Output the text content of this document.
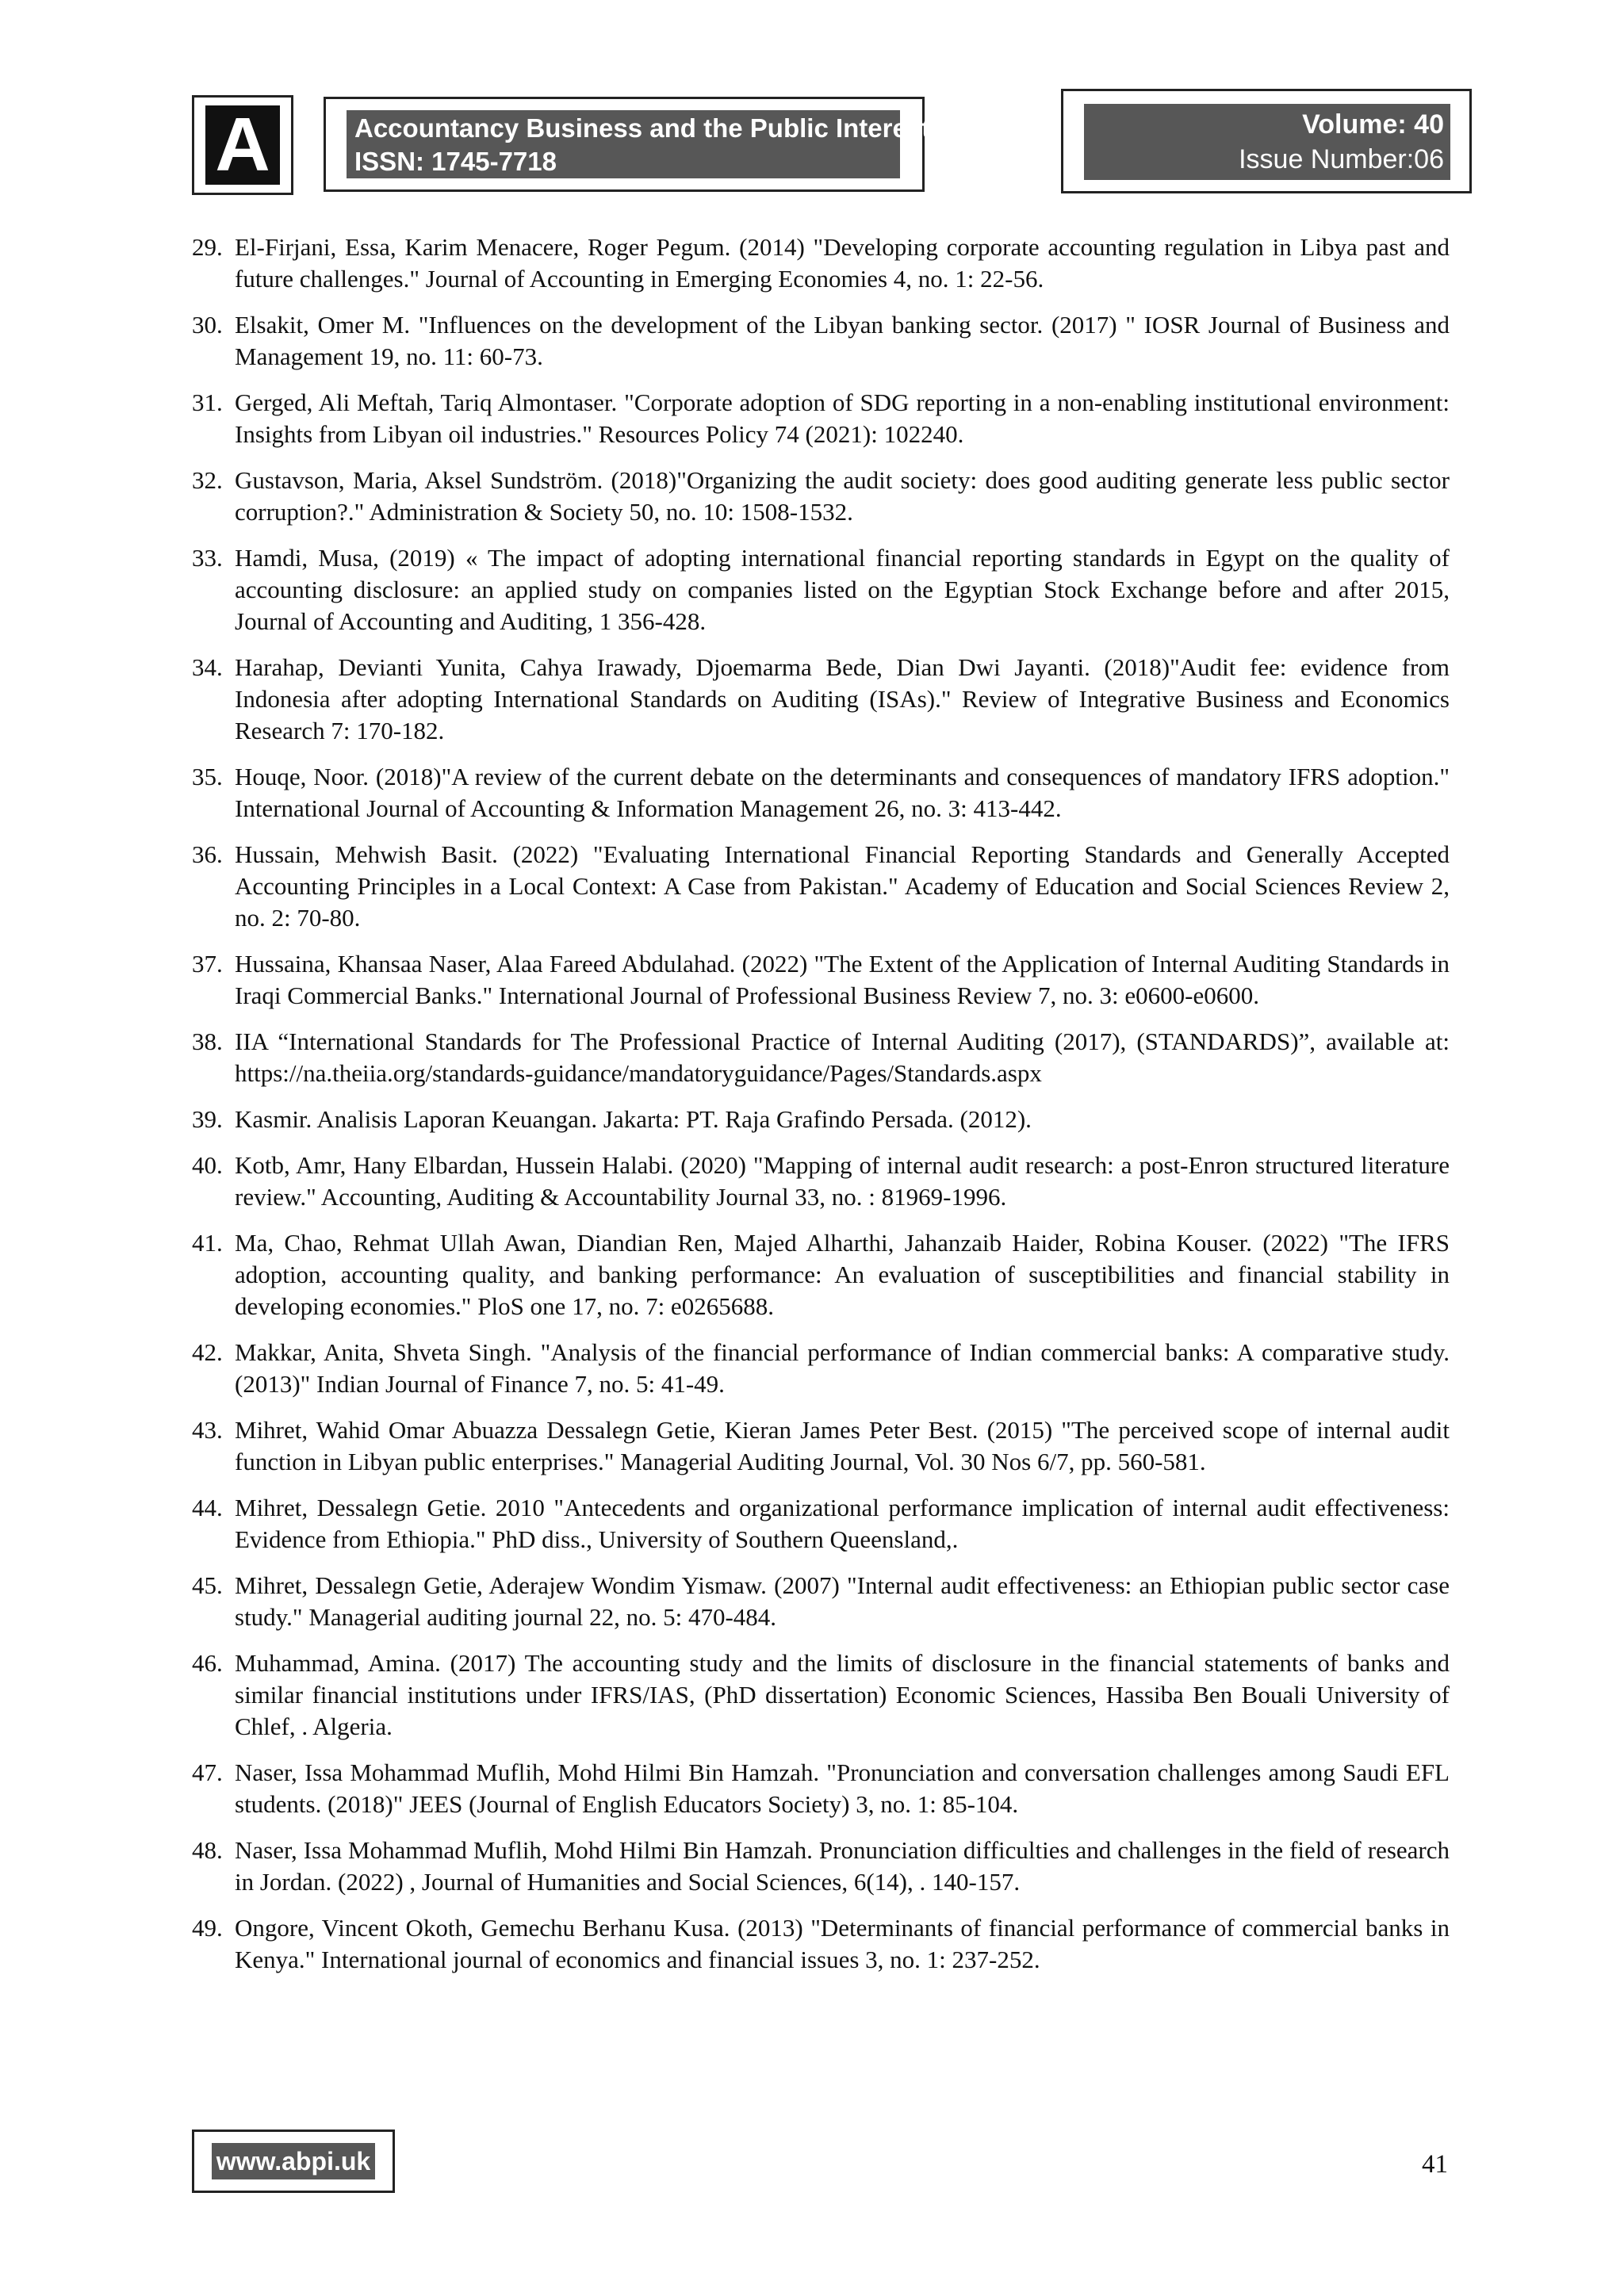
A	Accountancy Business and the Public Interest
ISSN: 1745-7718
Volume: 40
Issue Number:06
29. El-Firjani, Essa, Karim Menacere, Roger Pegum. (2014) "Developing corporate accounting regulation in Libya past and future challenges." Journal of Accounting in Emerging Economies 4, no. 1: 22-56.
30. Elsakit, Omer M. "Influences on the development of the Libyan banking sector. (2017) " IOSR Journal of Business and Management 19, no. 11: 60-73.
31. Gerged, Ali Meftah, Tariq Almontaser. "Corporate adoption of SDG reporting in a non-enabling institutional environment: Insights from Libyan oil industries." Resources Policy 74 (2021): 102240.
32. Gustavson, Maria, Aksel Sundström. (2018)"Organizing the audit society: does good auditing generate less public sector corruption?." Administration & Society 50, no. 10: 1508-1532.
33. Hamdi, Musa, (2019) « The impact of adopting international financial reporting standards in Egypt on the quality of accounting disclosure: an applied study on companies listed on the Egyptian Stock Exchange before and after 2015, Journal of Accounting and Auditing, 1 356-428.
34. Harahap, Devianti Yunita, Cahya Irawady, Djoemarma Bede, Dian Dwi Jayanti. (2018)"Audit fee: evidence from Indonesia after adopting International Standards on Auditing (ISAs)." Review of Integrative Business and Economics Research 7: 170-182.
35. Houqe, Noor. (2018)"A review of the current debate on the determinants and consequences of mandatory IFRS adoption." International Journal of Accounting & Information Management 26, no. 3: 413-442.
36. Hussain, Mehwish Basit. (2022) "Evaluating International Financial Reporting Standards and Generally Accepted Accounting Principles in a Local Context: A Case from Pakistan." Academy of Education and Social Sciences Review 2, no. 2: 70-80.
37. Hussaina, Khansaa Naser, Alaa Fareed Abdulahad. (2022) "The Extent of the Application of Internal Auditing Standards in Iraqi Commercial Banks." International Journal of Professional Business Review 7, no. 3: e0600-e0600.
38. IIA “International Standards for The Professional Practice of Internal Auditing (2017), (STANDARDS)”, available at: https://na.theiia.org/standards-guidance/mandatoryguidance/Pages/Standards.aspx
39. Kasmir. Analisis Laporan Keuangan. Jakarta: PT. Raja Grafindo Persada. (2012).
40. Kotb, Amr, Hany Elbardan, Hussein Halabi. (2020) "Mapping of internal audit research: a post-Enron structured literature review." Accounting, Auditing & Accountability Journal 33, no. : 81969-1996.
41. Ma, Chao, Rehmat Ullah Awan, Diandian Ren, Majed Alharthi, Jahanzaib Haider, Robina Kouser. (2022) "The IFRS adoption, accounting quality, and banking performance: An evaluation of susceptibilities and financial stability in developing economies." PloS one 17, no. 7: e0265688.
42. Makkar, Anita, Shveta Singh. "Analysis of the financial performance of Indian commercial banks: A comparative study. (2013)" Indian Journal of Finance 7, no. 5: 41-49.
43. Mihret, Wahid Omar Abuazza Dessalegn Getie, Kieran James Peter Best. (2015) "The perceived scope of internal audit function in Libyan public enterprises." Managerial Auditing Journal, Vol. 30 Nos 6/7, pp. 560-581.
44. Mihret, Dessalegn Getie. 2010 "Antecedents and organizational performance implication of internal audit effectiveness: Evidence from Ethiopia." PhD diss., University of Southern Queensland,.
45. Mihret, Dessalegn Getie, Aderajew Wondim Yismaw. (2007) "Internal audit effectiveness: an Ethiopian public sector case study." Managerial auditing journal 22, no. 5: 470-484.
46. Muhammad, Amina. (2017) The accounting study and the limits of disclosure in the financial statements of banks and similar financial institutions under IFRS/IAS, (PhD dissertation) Economic Sciences, Hassiba Ben Bouali University of Chlef, . Algeria.
47. Naser, Issa Mohammad Muflih, Mohd Hilmi Bin Hamzah. "Pronunciation and conversation challenges among Saudi EFL students. (2018)" JEES (Journal of English Educators Society) 3, no. 1: 85-104.
48. Naser, Issa Mohammad Muflih, Mohd Hilmi Bin Hamzah. Pronunciation difficulties and challenges in the field of research in Jordan. (2022) , Journal of Humanities and Social Sciences, 6(14), . 140-157.
49. Ongore, Vincent Okoth, Gemechu Berhanu Kusa. (2013) "Determinants of financial performance of commercial banks in Kenya." International journal of economics and financial issues 3, no. 1: 237-252.
www.abpi.uk	41
